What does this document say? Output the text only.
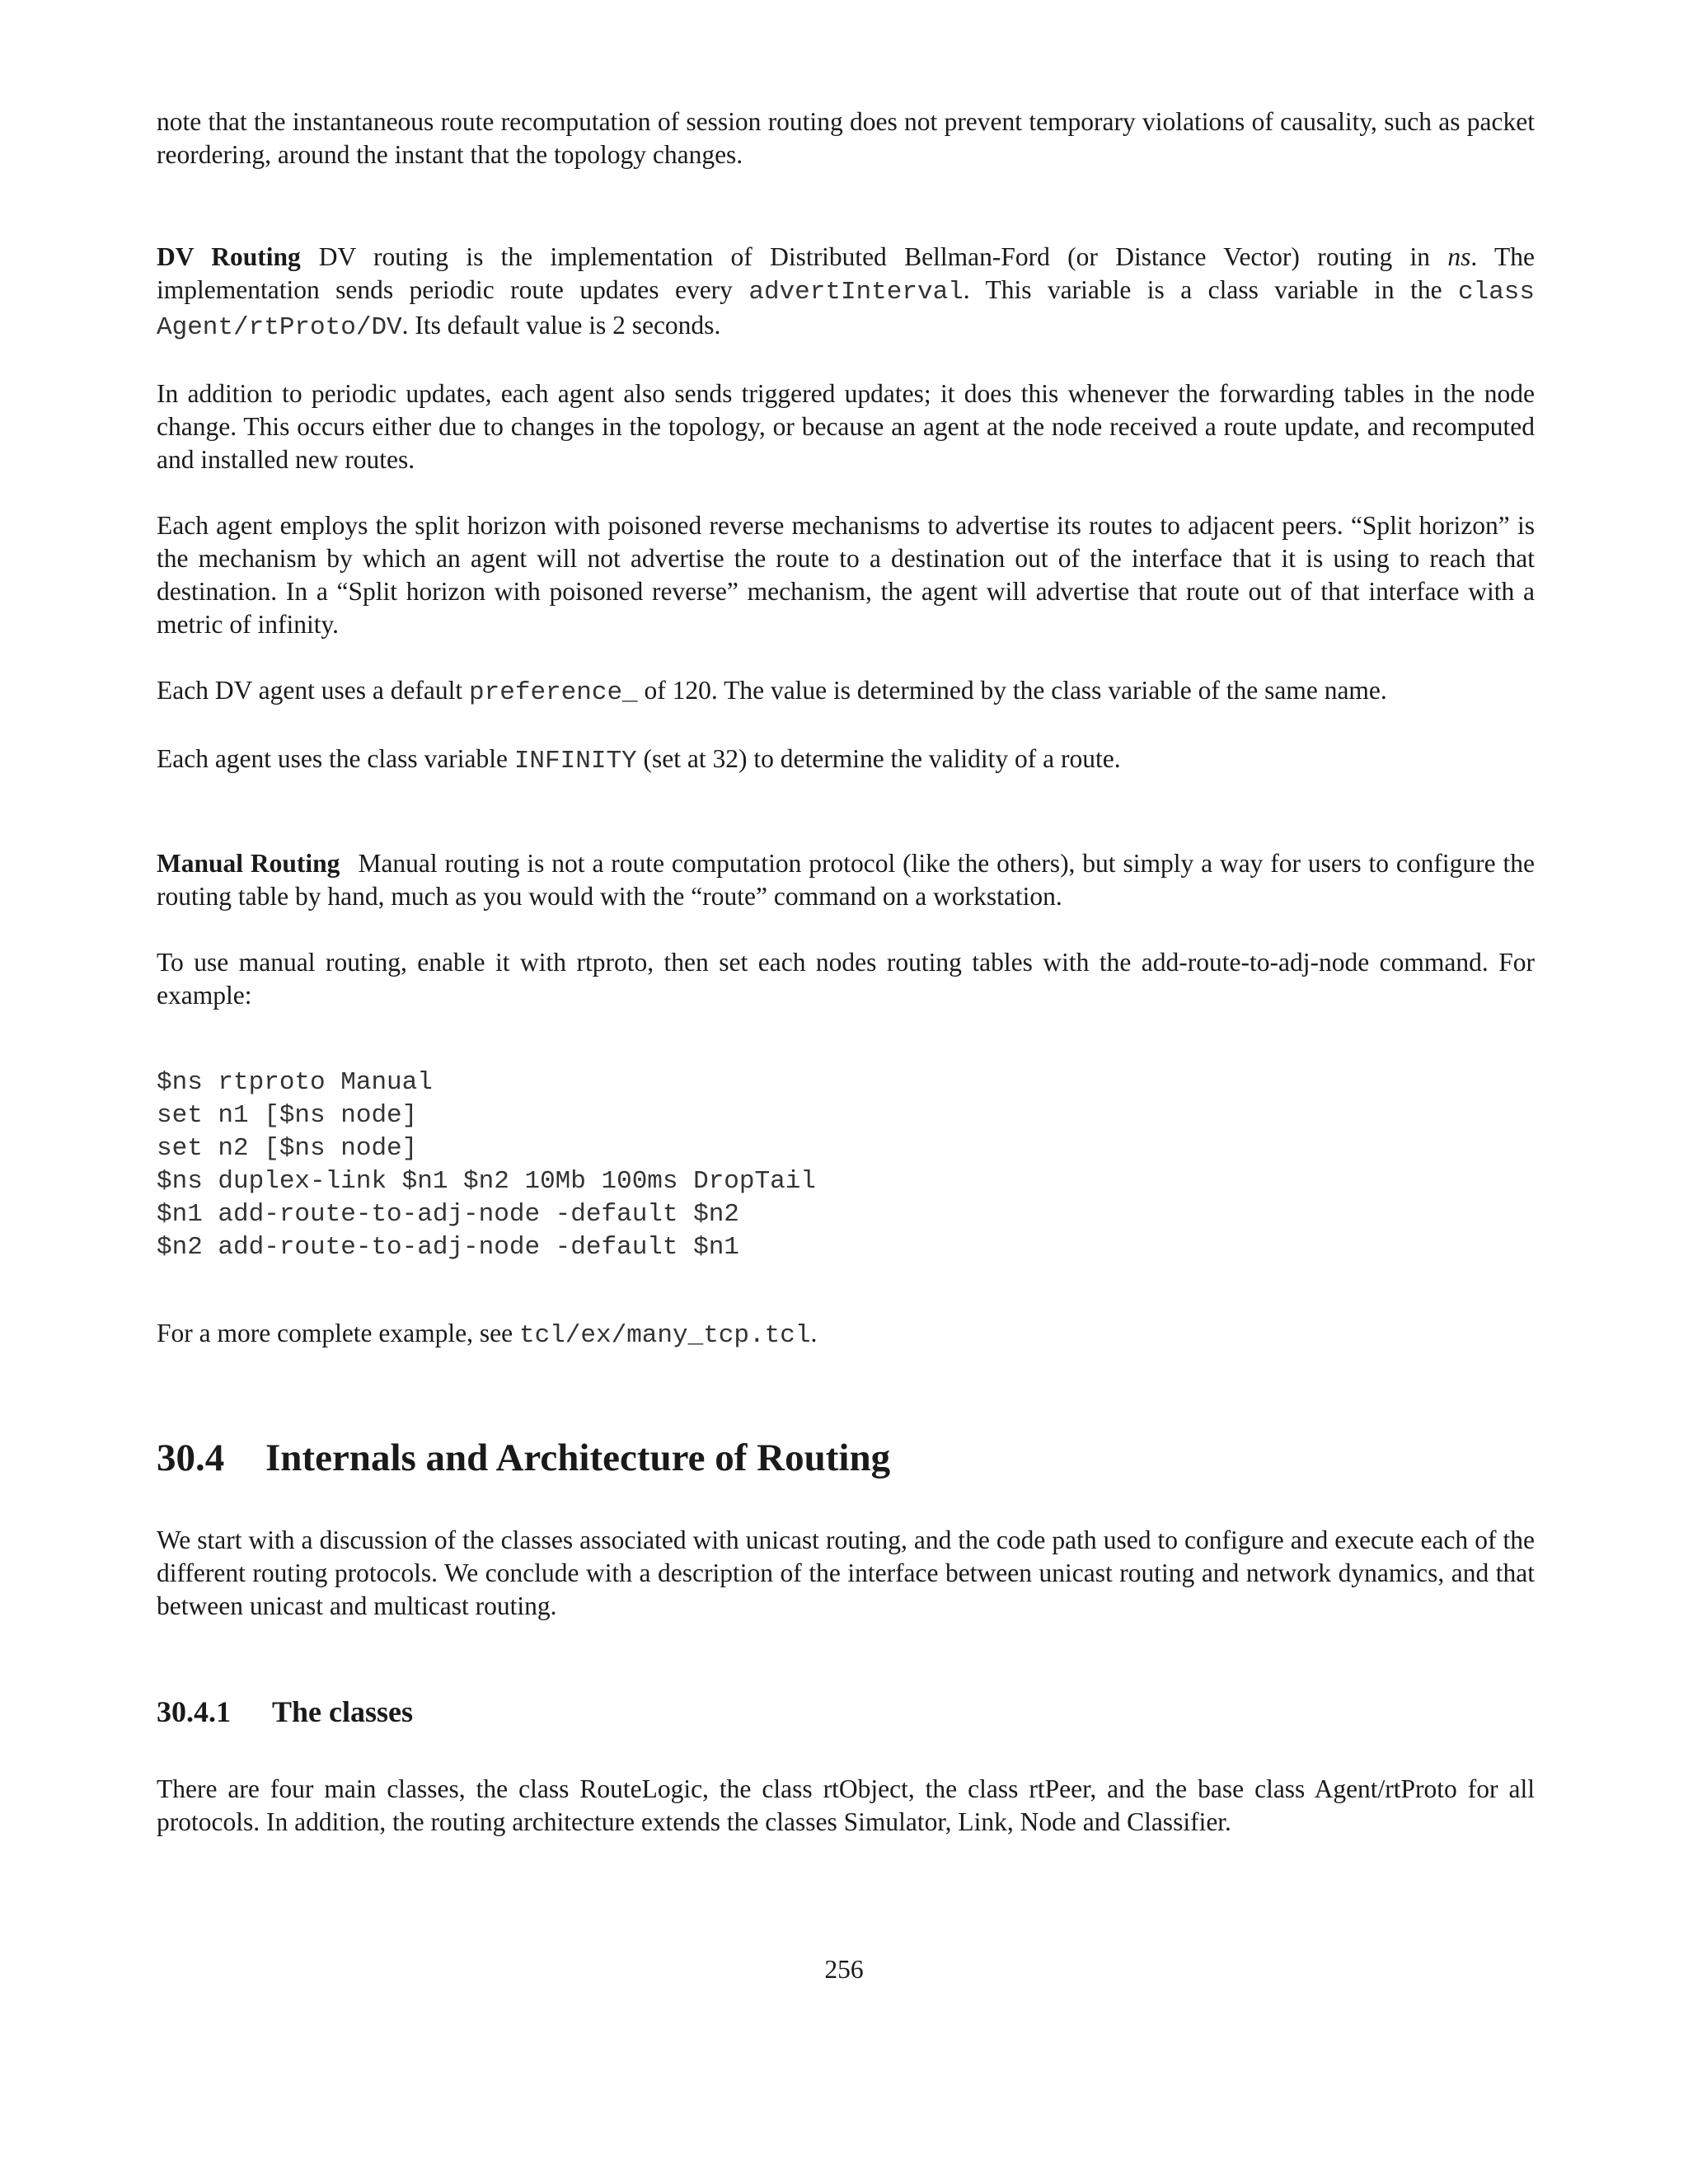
note that the instantaneous route recomputation of session routing does not prevent temporary violations of causality, such as packet reordering, around the instant that the topology changes.

DV Routing DV routing is the implementation of Distributed Bellman-Ford (or Distance Vector) routing in ns. The implementation sends periodic route updates every advertInterval. This variable is a class variable in the class Agent/rtProto/DV. Its default value is 2 seconds.

In addition to periodic updates, each agent also sends triggered updates; it does this whenever the forwarding tables in the node change. This occurs either due to changes in the topology, or because an agent at the node received a route update, and recomputed and installed new routes.

Each agent employs the split horizon with poisoned reverse mechanisms to advertise its routes to adjacent peers. “Split horizon” is the mechanism by which an agent will not advertise the route to a destination out of the interface that it is using to reach that destination. In a “Split horizon with poisoned reverse” mechanism, the agent will advertise that route out of that interface with a metric of infinity.

Each DV agent uses a default preference_ of 120. The value is determined by the class variable of the same name.

Each agent uses the class variable INFINITY (set at 32) to determine the validity of a route.

Manual Routing Manual routing is not a route computation protocol (like the others), but simply a way for users to configure the routing table by hand, much as you would with the “route” command on a workstation.

To use manual routing, enable it with rtproto, then set each nodes routing tables with the add-route-to-adj-node command. For example:

$ns rtproto Manual
set n1 [$ns node]
set n2 [$ns node]
$ns duplex-link $n1 $n2 10Mb 100ms DropTail
$n1 add-route-to-adj-node -default $n2
$n2 add-route-to-adj-node -default $n1

For a more complete example, see tcl/ex/many_tcp.tcl.

30.4 Internals and Architecture of Routing

We start with a discussion of the classes associated with unicast routing, and the code path used to configure and execute each of the different routing protocols. We conclude with a description of the interface between unicast routing and network dynamics, and that between unicast and multicast routing.

30.4.1 The classes

There are four main classes, the class RouteLogic, the class rtObject, the class rtPeer, and the base class Agent/rtProto for all protocols. In addition, the routing architecture extends the classes Simulator, Link, Node and Classifier.

256
